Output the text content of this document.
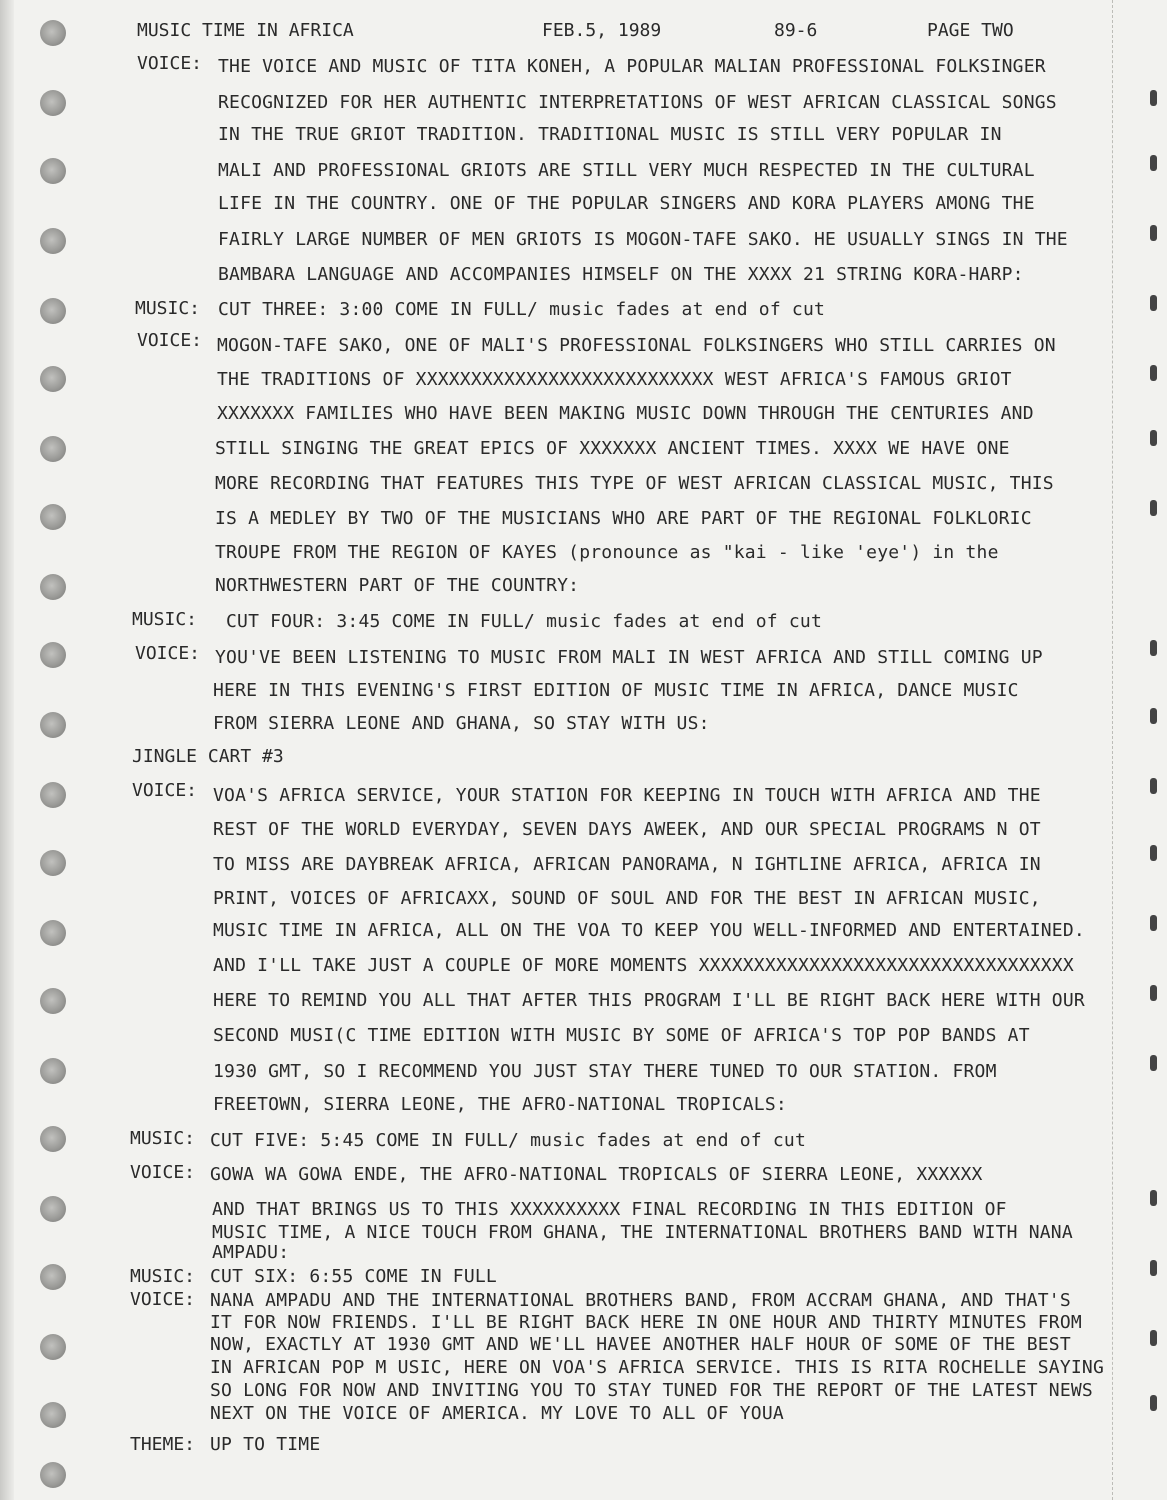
MUSIC TIME IN AFRICA	FEB.5, 1989	89-6	PAGE TWO
VOICE: THE VOICE AND MUSIC OF TITA KONEH, A POPULAR MALIAN PROFESSIONAL FOLKSINGER
RECOGNIZED FOR HER AUTHENTIC INTERPRETATIONS OF WEST AFRICAN CLASSICAL SONGS
IN THE TRUE GRIOT TRADITION. TRADITIONAL MUSIC IS STILL VERY POPULAR IN
MALI AND PROFESSIONAL GRIOTS ARE STILL VERY MUCH RESPECTED IN THE CULTURAL
LIFE IN THE COUNTRY. ONE OF THE POPULAR SINGERS AND KORA PLAYERS AMONG THE
FAIRLY LARGE NUMBER OF MEN GRIOTS IS MOGON-TAFE SAKO. HE USUALLY SINGS IN THE
BAMBARA LANGUAGE AND ACCOMPANIES HIMSELF ON THE XXXX 21 STRING KORA-HARP:
MUSIC: CUT THREE: 3:00 COME IN FULL/ music fades at end of cut
VOICE: MOGON-TAFE SAKO, ONE OF MALI'S PROFESSIONAL FOLKSINGERS WHO STILL CARRIES ON
THE TRADITIONS OF XXXXXXXXXXXXXXXXXXXXXXXXXXX WEST AFRICA'S FAMOUS GRIOT
XXXXXXX FAMILIES WHO HAVE BEEN MAKING MUSIC DOWN THROUGH THE CENTURIES AND
STILL SINGING THE GREAT EPICS OF XXXXXXX ANCIENT TIMES. XXXX WE HAVE ONE
MORE RECORDING THAT FEATURES THIS TYPE OF WEST AFRICAN CLASSICAL MUSIC, THIS
IS A MEDLEY BY TWO OF THE MUSICIANS WHO ARE PART OF THE REGIONAL FOLKLORIC
TROUPE FROM THE REGION OF KAYES (pronounce as "kai - like 'eye') in the
NORTHWESTERN PART OF THE COUNTRY:
MUSIC: CUT FOUR: 3:45 COME IN FULL/ music fades at end of cut
VOICE: YOU'VE BEEN LISTENING TO MUSIC FROM MALI IN WEST AFRICA AND STILL COMING UP
HERE IN THIS EVENING'S FIRST EDITION OF MUSIC TIME IN AFRICA, DANCE MUSIC
FROM SIERRA LEONE AND GHANA, SO STAY WITH US:
JINGLE CART #3
VOICE: VOA'S AFRICA SERVICE, YOUR STATION FOR KEEPING IN TOUCH WITH AFRICA AND THE
REST OF THE WORLD EVERYDAY, SEVEN DAYS AWEEK, AND OUR SPECIAL PROGRAMS N OT
TO MISS ARE DAYBREAK AFRICA, AFRICAN PANORAMA, N IGHTLINE AFRICA, AFRICA IN
PRINT, VOICES OF AFRICAXX, SOUND OF SOUL AND FOR THE BEST IN AFRICAN MUSIC,
MUSIC TIME IN AFRICA, ALL ON THE VOA TO KEEP YOU WELL-INFORMED AND ENTERTAINED.
AND I'LL TAKE JUST A COUPLE OF MORE MOMENTS XXXXXXXXXXXXXXXXXXXXXXXXXXXXXXXXXX
HERE TO REMIND YOU ALL THAT AFTER THIS PROGRAM I'LL BE RIGHT BACK HERE WITH OUR
SECOND MUSI(C TIME EDITION WITH MUSIC BY SOME OF AFRICA'S TOP POP BANDS AT
1930 GMT, SO I RECOMMEND YOU JUST STAY THERE TUNED TO OUR STATION. FROM
FREETOWN, SIERRA LEONE, THE AFRO-NATIONAL TROPICALS:
MUSIC: CUT FIVE: 5:45 COME IN FULL/ music fades at end of cut
VOICE: GOWA WA GOWA ENDE, THE AFRO-NATIONAL TROPICALS OF SIERRA LEONE, XXXXXX
AND THAT BRINGS US TO THIS XXXXXXXXXX FINAL RECORDING IN THIS EDITION OF
MUSIC TIME, A NICE TOUCH FROM GHANA, THE INTERNATIONAL BROTHERS BAND WITH NANA
AMPADU:
MUSIC: CUT SIX: 6:55 COME IN FULL
VOICE: NANA AMPADU AND THE INTERNATIONAL BROTHERS BAND, FROM ACCRAM GHANA, AND THAT'S
IT FOR NOW FRIENDS. I'LL BE RIGHT BACK HERE IN ONE HOUR AND THIRTY MINUTES FROM
NOW, EXACTLY AT 1930 GMT AND WE'LL HAVEE ANOTHER HALF HOUR OF SOME OF THE BEST
IN AFRICAN POP M USIC, HERE ON VOA'S AFRICA SERVICE. THIS IS RITA ROCHELLE SAYING
SO LONG FOR NOW AND INVITING YOU TO STAY TUNED FOR THE REPORT OF THE LATEST NEWS
NEXT ON THE VOICE OF AMERICA. MY LOVE TO ALL OF YOUA
THEME: UP TO TIME
